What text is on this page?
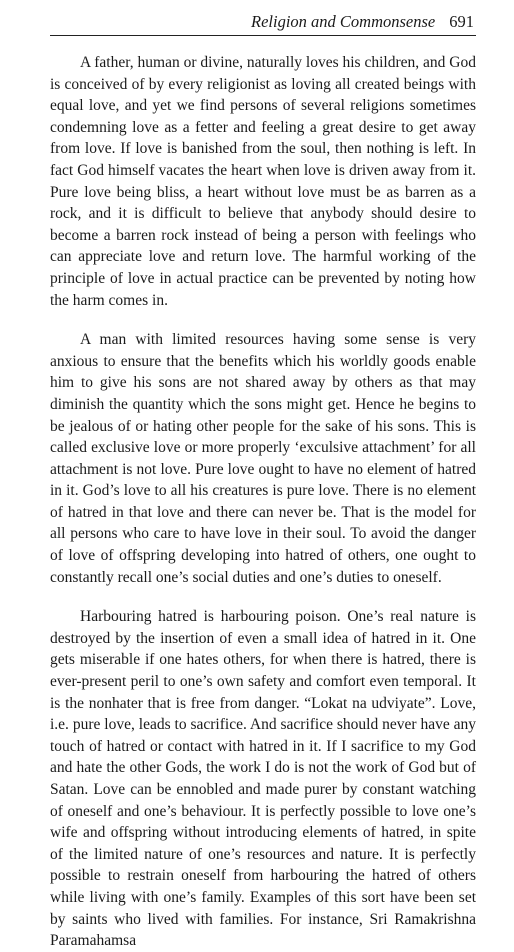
Religion and Commonsense 691

A father, human or divine, naturally loves his children, and God is conceived of by every religionist as loving all created beings with equal love, and yet we find persons of several religions sometimes condemning love as a fetter and feeling a great desire to get away from love. If love is banished from the soul, then nothing is left. In fact God himself vacates the heart when love is driven away from it. Pure love being bliss, a heart without love must be as barren as a rock, and it is difficult to believe that anybody should desire to become a barren rock instead of being a person with feelings who can appreciate love and return love. The harmful working of the principle of love in actual practice can be prevented by noting how the harm comes in.

A man with limited resources having some sense is very anxious to ensure that the benefits which his worldly goods enable him to give his sons are not shared away by others as that may diminish the quantity which the sons might get. Hence he begins to be jealous of or hating other people for the sake of his sons. This is called exclusive love or more properly ‘exculsive attachment’ for all attachment is not love. Pure love ought to have no element of hatred in it. God’s love to all his creatures is pure love. There is no element of hatred in that love and there can never be. That is the model for all persons who care to have love in their soul. To avoid the danger of love of offspring developing into hatred of others, one ought to constantly recall one’s social duties and one’s duties to oneself.

Harbouring hatred is harbouring poison. One’s real nature is destroyed by the insertion of even a small idea of hatred in it. One gets miserable if one hates others, for when there is hatred, there is ever-present peril to one’s own safety and comfort even temporal. It is the nonhater that is free from danger. “Lokat na udviyate”. Love, i.e. pure love, leads to sacrifice. And sacrifice should never have any touch of hatred or contact with hatred in it. If I sacrifice to my God and hate the other Gods, the work I do is not the work of God but of Satan. Love can be ennobled and made purer by constant watching of oneself and one’s behaviour. It is perfectly possible to love one’s wife and offspring without introducing elements of hatred, in spite of the limited nature of one’s resources and nature. It is perfectly possible to restrain oneself from harbouring the hatred of others while living with one’s family. Examples of this sort have been set by saints who lived with families. For instance, Sri Ramakrishna Paramahamsa
